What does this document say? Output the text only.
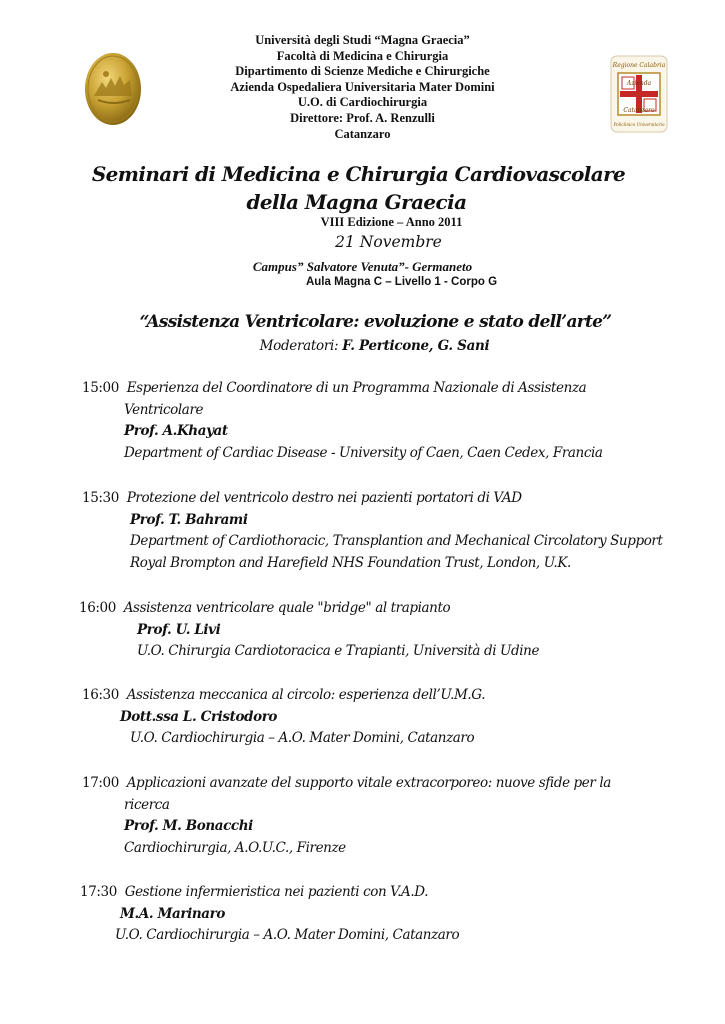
Università degli Studi “Magna Graecia”
Facoltà di Medicina e Chirurgia
Dipartimento di Scienze Mediche e Chirurgiche
Azienda Ospedaliera Universitaria Mater Domini
U.O. di Cardiochirurgia
Direttore: Prof. A. Renzulli
Catanzaro
Regione Calabria
Azienda
Catanzaro
Policlinico Universitario
Seminari di Medicina e Chirurgia Cardiovascolare
della Magna Graecia
VIII Edizione – Anno 2011
21 Novembre
Campus” Salvatore Venuta”- Germaneto
Aula Magna C – Livello 1 - Corpo G
“Assistenza Ventricolare: evoluzione e stato dell’arte”
Moderatori: F. Perticone, G. Sani
15:00 Esperienza del Coordinatore di un Programma Nazionale di Assistenza
Ventricolare
Prof. A.Khayat
Department of Cardiac Disease - University of Caen, Caen Cedex, Francia
15:30 Protezione del ventricolo destro nei pazienti portatori di VAD
Prof. T. Bahrami
Department of Cardiothoracic, Transplantion and Mechanical Circolatory Support
Royal Brompton and Harefield NHS Foundation Trust, London, U.K.
16:00 Assistenza ventricolare quale "bridge" al trapianto
Prof. U. Livi
U.O. Chirurgia Cardiotoracica e Trapianti, Università di Udine
16:30 Assistenza meccanica al circolo: esperienza dell’U.M.G.
Dott.ssa L. Cristodoro
U.O. Cardiochirurgia – A.O. Mater Domini, Catanzaro
17:00 Applicazioni avanzate del supporto vitale extracorporeo: nuove sfide per la
ricerca
Prof. M. Bonacchi
Cardiochirurgia, A.O.U.C., Firenze
17:30 Gestione infermieristica nei pazienti con V.A.D.
M.A. Marinaro
U.O. Cardiochirurgia – A.O. Mater Domini, Catanzaro
